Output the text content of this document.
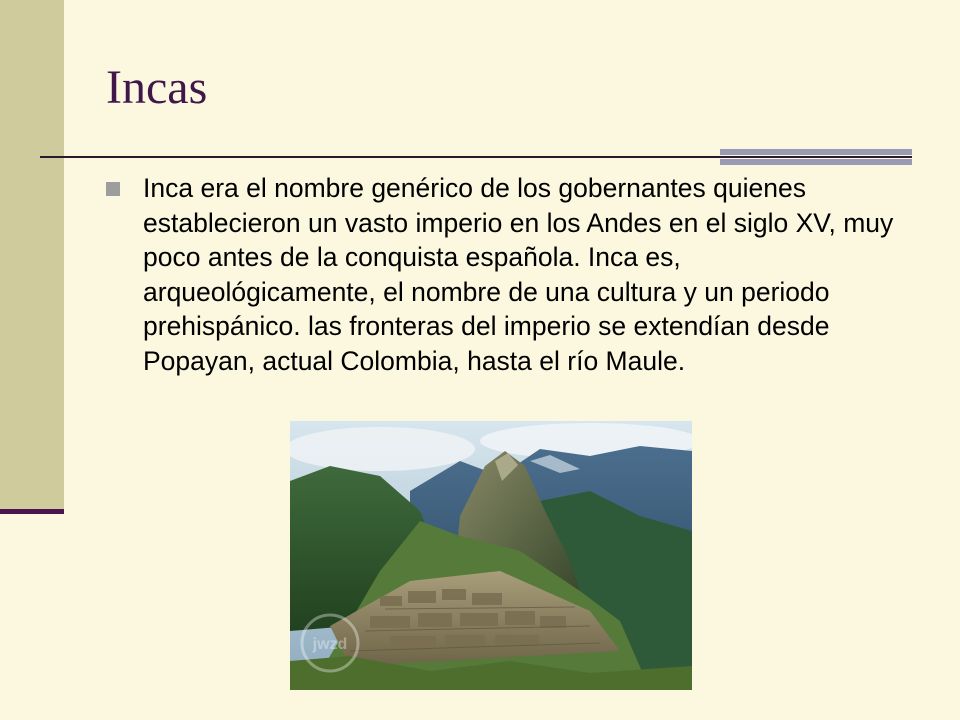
Incas

Inca era el nombre genérico de los gobernantes quienes establecieron un vasto imperio en los Andes en el siglo XV, muy poco antes de la conquista española. Inca es, arqueológicamente, el nombre de una cultura y un periodo prehispánico. las fronteras del imperio se extendían desde Popayan, actual Colombia, hasta el río Maule.

jwzd
